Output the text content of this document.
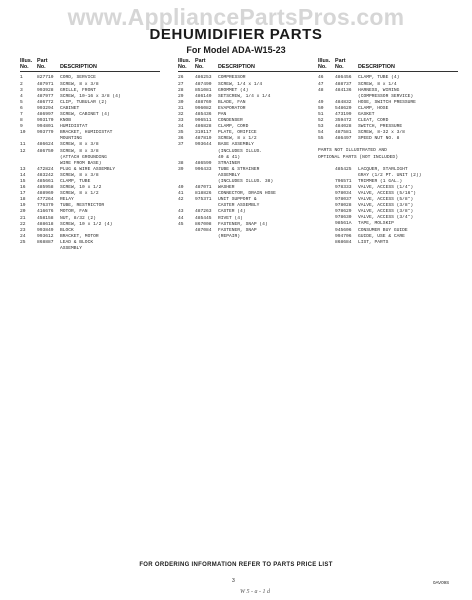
www.AppliancePartsPros.com
DEHUMIDIFIER PARTS
For Model ADA-W15-23
Illus. Part
No.	No.	DESCRIPTION
1	827710	CORD, SERVICE
2	487971	SCREW, 8 x 3/8
3	993928	GRILLE, FRONT
4	487977	SCREW, 10-16 x 3/8 (4)
5	486772	CLIP, TUBULAR (2)
6	993294	CABINET
7	486997	SCREW, CABINET (4)
8	993170	KNOB
9	994801	HUMIDISTAT
10	993779	BRACKET, HUMIDISTAT
MOUNTING
11	486624	SCREW, 8 x 3/8
12	486750	SCREW, 8 x 3/8
(ATTACH GROUNDING
WIRE FROM BASE)
13	472824	PLUG & WIRE ASSEMBLY
14	483242	SCREW, 8 x 3/8
15	485661	CLAMP, TUBE
16	485958	SCREW, 10 x 1/2
17	488969	SCREW, 8 x 1/2
18	477264	RELAY
19	776379	TUBE, RESTRICTOR
20	416676	MOTOR, FAN
21	458158	NUT, 8/32 (2)
22	488618	SCREW, 10 x 1/2 (4)
23	993849	BLOCK
24	993612	BRACKET, MOTOR
25	868887	LEAD & BLOCK
ASSEMBLY
Illus. Part
No.	No.	DESCRIPTION
26	486253	COMPRESSOR
27	487490	SCREW, 1/4 x 1/4
28	851081	GROMMET (4)
29	486140	SETSCREW, 1/4 x 1/4
30	488769	BLADE, FAN
31	996082	EVAPORATOR
32	485436	PAN
33	996511	CONDENSER
34	486828	CLAMP, CORD
35	319117	PLATE, ORIFICE
36	487819	SCREW, 8 x 1/2
37	993644	BASE ASSEMBLY
(INCLUDES ILLUS.
40 & 41)
38	486599	STRAINER
39	996433	TUBE & STRAINER
ASSEMBLY
(INCLUDES ILLUS. 38)
40	487071	WASHER
41	818826	CONNECTOR, DRAIN HOSE
42	975371	UNIT SUPPORT &
CASTER ASSEMBLY
43	487263	CASTER (4)
44	485445	RIVET (4)
45	867008	FASTENER, SNAP (4)
487084	FASTENER, SNAP
(REPAIR)
Illus. Part
No.	No.	DESCRIPTION
46	486456	CLAMP, TUBE (4)
47	488737	SCREW, 8 x 1/4
48	484136	HARNESS, WIRING
(COMPRESSOR SERVICE)
49	484832	HOSE, SWITCH PRESSURE
50	548620	CLAMP, HOSE
51	473199	GASKET
52	359472	CLEAT, CORD
53	484028	SWITCH, PRESSURE
54	487581	SCREW, 8-32 x 3/8
55	486497	SPEED NUT NO. 8
PARTS NOT ILLUSTRATED AND
OPTIONAL PARTS (NOT INCLUDED)
485425	LACQUER, STARLIGHT
GRAY (1/2 PT. UNIT (2))
796571	TRIMMER (1 GAL.)
978333	VALVE, ACCESS (1/4")
978034	VALVE, ACCESS (5/16")
978037	VALVE, ACCESS (5/8")
978028	VALVE, ACCESS (3/8")
978629	VALVE, ACCESS (3/8")
978630	VALVE, ACCESS (3/4")
98561A	TAPE, MOLSKIP
945606	CONSUMER BUY GUIDE
994706	GUIDE, USE & CARE
868684	LIST, PARTS
FOR ORDERING INFORMATION REFER TO PARTS PRICE LIST
3	0AV09S
W 5 - a - 1 d
